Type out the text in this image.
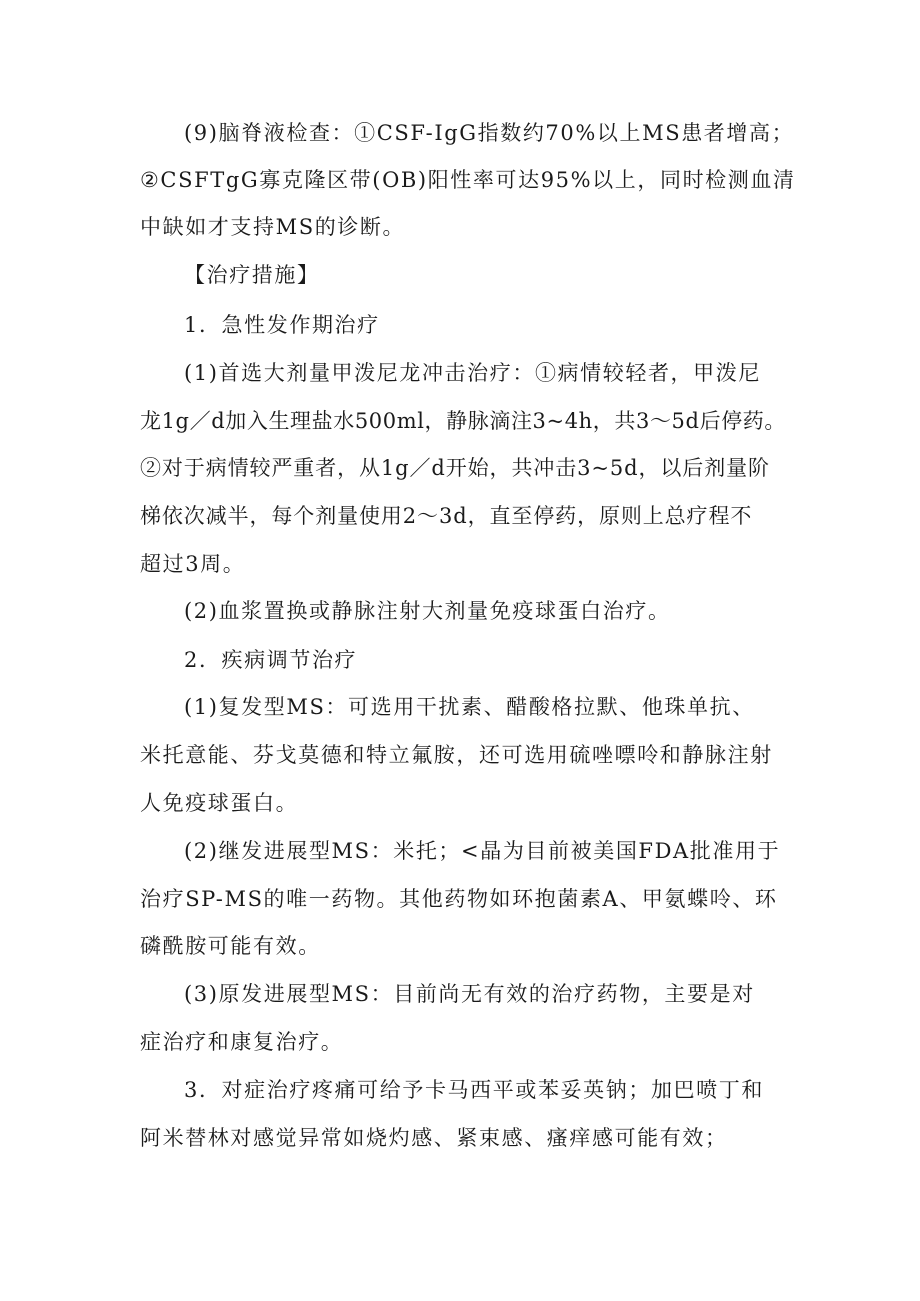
(9)脑脊液检查：①CSF-IgG指数约70%以上MS患者增高；
②CSFTgG寡克隆区带(OB)阳性率可达95%以上，同时检测血清
中缺如才支持MS的诊断。
【治疗措施】
1．急性发作期治疗
(1)首选大剂量甲泼尼龙冲击治疗：①病情较轻者，甲泼尼
龙1g／d加入生理盐水500ml，静脉滴注3~4h，共3～5d后停药。
②对于病情较严重者，从1g／d开始，共冲击3~5d，以后剂量阶
梯依次减半，每个剂量使用2～3d，直至停药，原则上总疗程不
超过3周。
(2)血浆置换或静脉注射大剂量免疫球蛋白治疗。
2．疾病调节治疗
(1)复发型MS：可选用干扰素、醋酸格拉默、他珠单抗、
米托意能、芬戈莫德和特立氟胺，还可选用硫唑嘌呤和静脉注射
人免疫球蛋白。
(2)继发进展型MS：米托；<晶为目前被美国FDA批准用于
治疗SP-MS的唯一药物。其他药物如环抱菌素A、甲氨蝶呤、环
磷酰胺可能有效。
(3)原发进展型MS：目前尚无有效的治疗药物，主要是对
症治疗和康复治疗。
3．对症治疗疼痛可给予卡马西平或苯妥英钠；加巴喷丁和
阿米替林对感觉异常如烧灼感、紧束感、瘙痒感可能有效；
